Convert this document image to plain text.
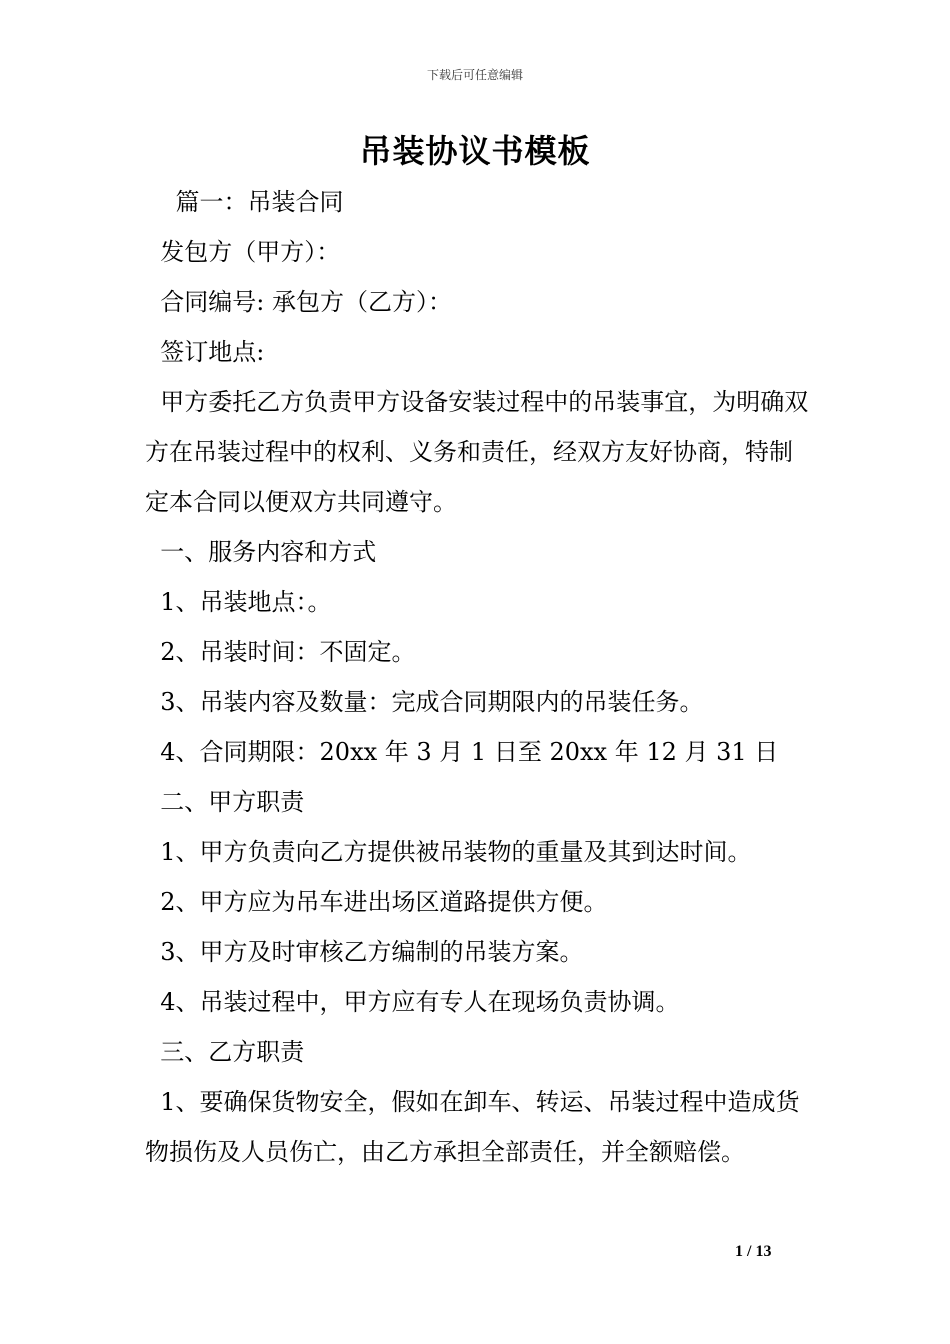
下载后可任意编辑
吊装协议书模板

篇一：吊装合同

发包方（甲方）：

合同编号: 承包方（乙方）：

签订地点:

甲方委托乙方负责甲方设备安装过程中的吊装事宜，为明确双方在吊装过程中的权利、义务和责任，经双方友好协商，特制定本合同以便双方共同遵守。

一、服务内容和方式

1、吊装地点：。

2、吊装时间：不固定。

3、吊装内容及数量：完成合同期限内的吊装任务。

4、合同期限：20xx 年 3 月 1 日至 20xx 年 12 月 31 日

二、甲方职责

1、甲方负责向乙方提供被吊装物的重量及其到达时间。

2、甲方应为吊车进出场区道路提供方便。

3、甲方及时审核乙方编制的吊装方案。

4、吊装过程中，甲方应有专人在现场负责协调。

三、乙方职责

1、要确保货物安全，假如在卸车、转运、吊装过程中造成货物损伤及人员伤亡，由乙方承担全部责任，并全额赔偿。

1 / 13
